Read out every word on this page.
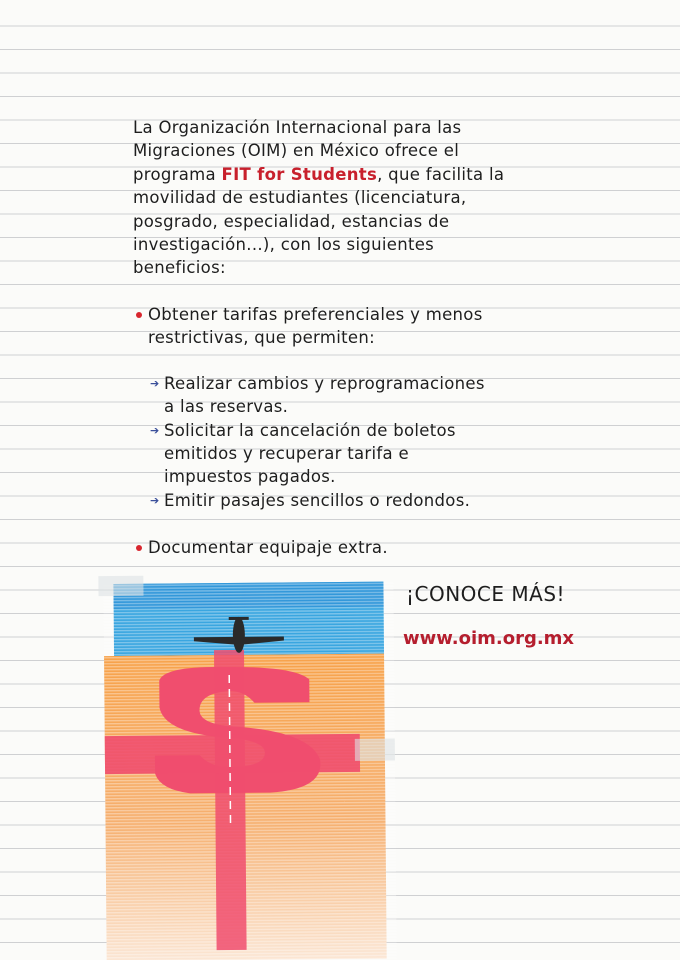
La Organización Internacional para las
Migraciones (OIM) en México ofrece el
programa FIT for Students, que facilita la
movilidad de estudiantes (licenciatura,
posgrado, especialidad, estancias de
investigación...), con los siguientes
beneficios:
Obtener tarifas preferenciales y menos
restrictivas, que permiten:
➔ Realizar cambios y reprogramaciones
a las reservas.
➔ Solicitar la cancelación de boletos
emitidos y recuperar tarifa e
impuestos pagados.
➔ Emitir pasajes sencillos o redondos.
Documentar equipaje extra.
¡CONOCE MÁS!
www.oim.org.mx
